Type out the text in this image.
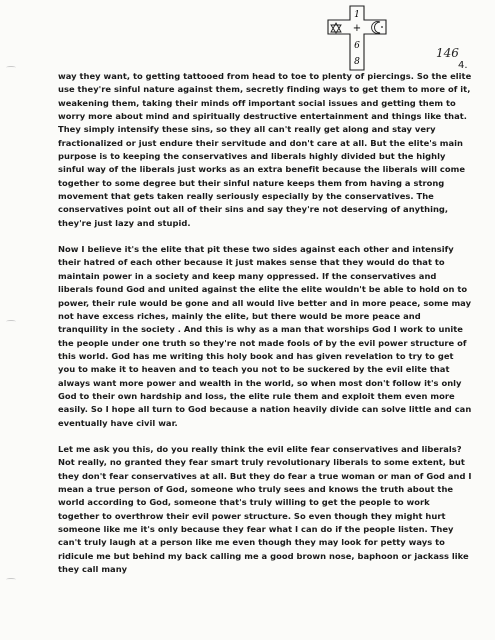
1
+
6
8
146
4.

way they want, to getting tattooed from head to toe to plenty of piercings. So the elite use they're sinful nature against them, secretly finding ways to get them to more of it, weakening them, taking their minds off important social issues and getting them to worry more about mind and spiritually destructive entertainment and things like that. They simply intensify these sins, so they all can't really get along and stay very fractionalized or just endure their servitude and don't care at all. But the elite's main purpose is to keeping the conservatives and liberals highly divided but the highly sinful way of the liberals just works as an extra benefit because the liberals will come together to some degree but their sinful nature keeps them from having a strong movement that gets taken really seriously especially by the conservatives. The conservatives point out all of their sins and say they're not deserving of anything, they're just lazy and stupid.

Now I believe it's the elite that pit these two sides against each other and intensify their hatred of each other because it just makes sense that they would do that to maintain power in a society and keep many oppressed. If the conservatives and liberals found God and united against the elite the elite wouldn't be able to hold on to power, their rule would be gone and all would live better and in more peace, some may not have excess riches, mainly the elite, but there would be more peace and tranquility in the society . And this is why as a man that worships God I work to unite the people under one truth so they're not made fools of by the evil power structure of this world. God has me writing this holy book and has given revelation to try to get you to make it to heaven and to teach you not to be suckered by the evil elite that always want more power and wealth in the world, so when most don't follow it's only God to their own hardship and loss, the elite rule them and exploit them even more easily. So I hope all turn to God because a nation heavily divide can solve little and can eventually have civil war.

Let me ask you this, do you really think the evil elite fear conservatives and liberals? Not really, no granted they fear smart truly revolutionary liberals to some extent, but they don't fear conservatives at all. But they do fear a true woman or man of God and I mean a true person of God, someone who truly sees and knows the truth about the world according to God, someone that's truly willing to get the people to work together to overthrow their evil power structure. So even though they might hurt someone like me it's only because they fear what I can do if the people listen. They can't truly laugh at a person like me even though they may look for petty ways to ridicule me but behind my back calling me a good brown nose, baphoon or jackass like they call many
